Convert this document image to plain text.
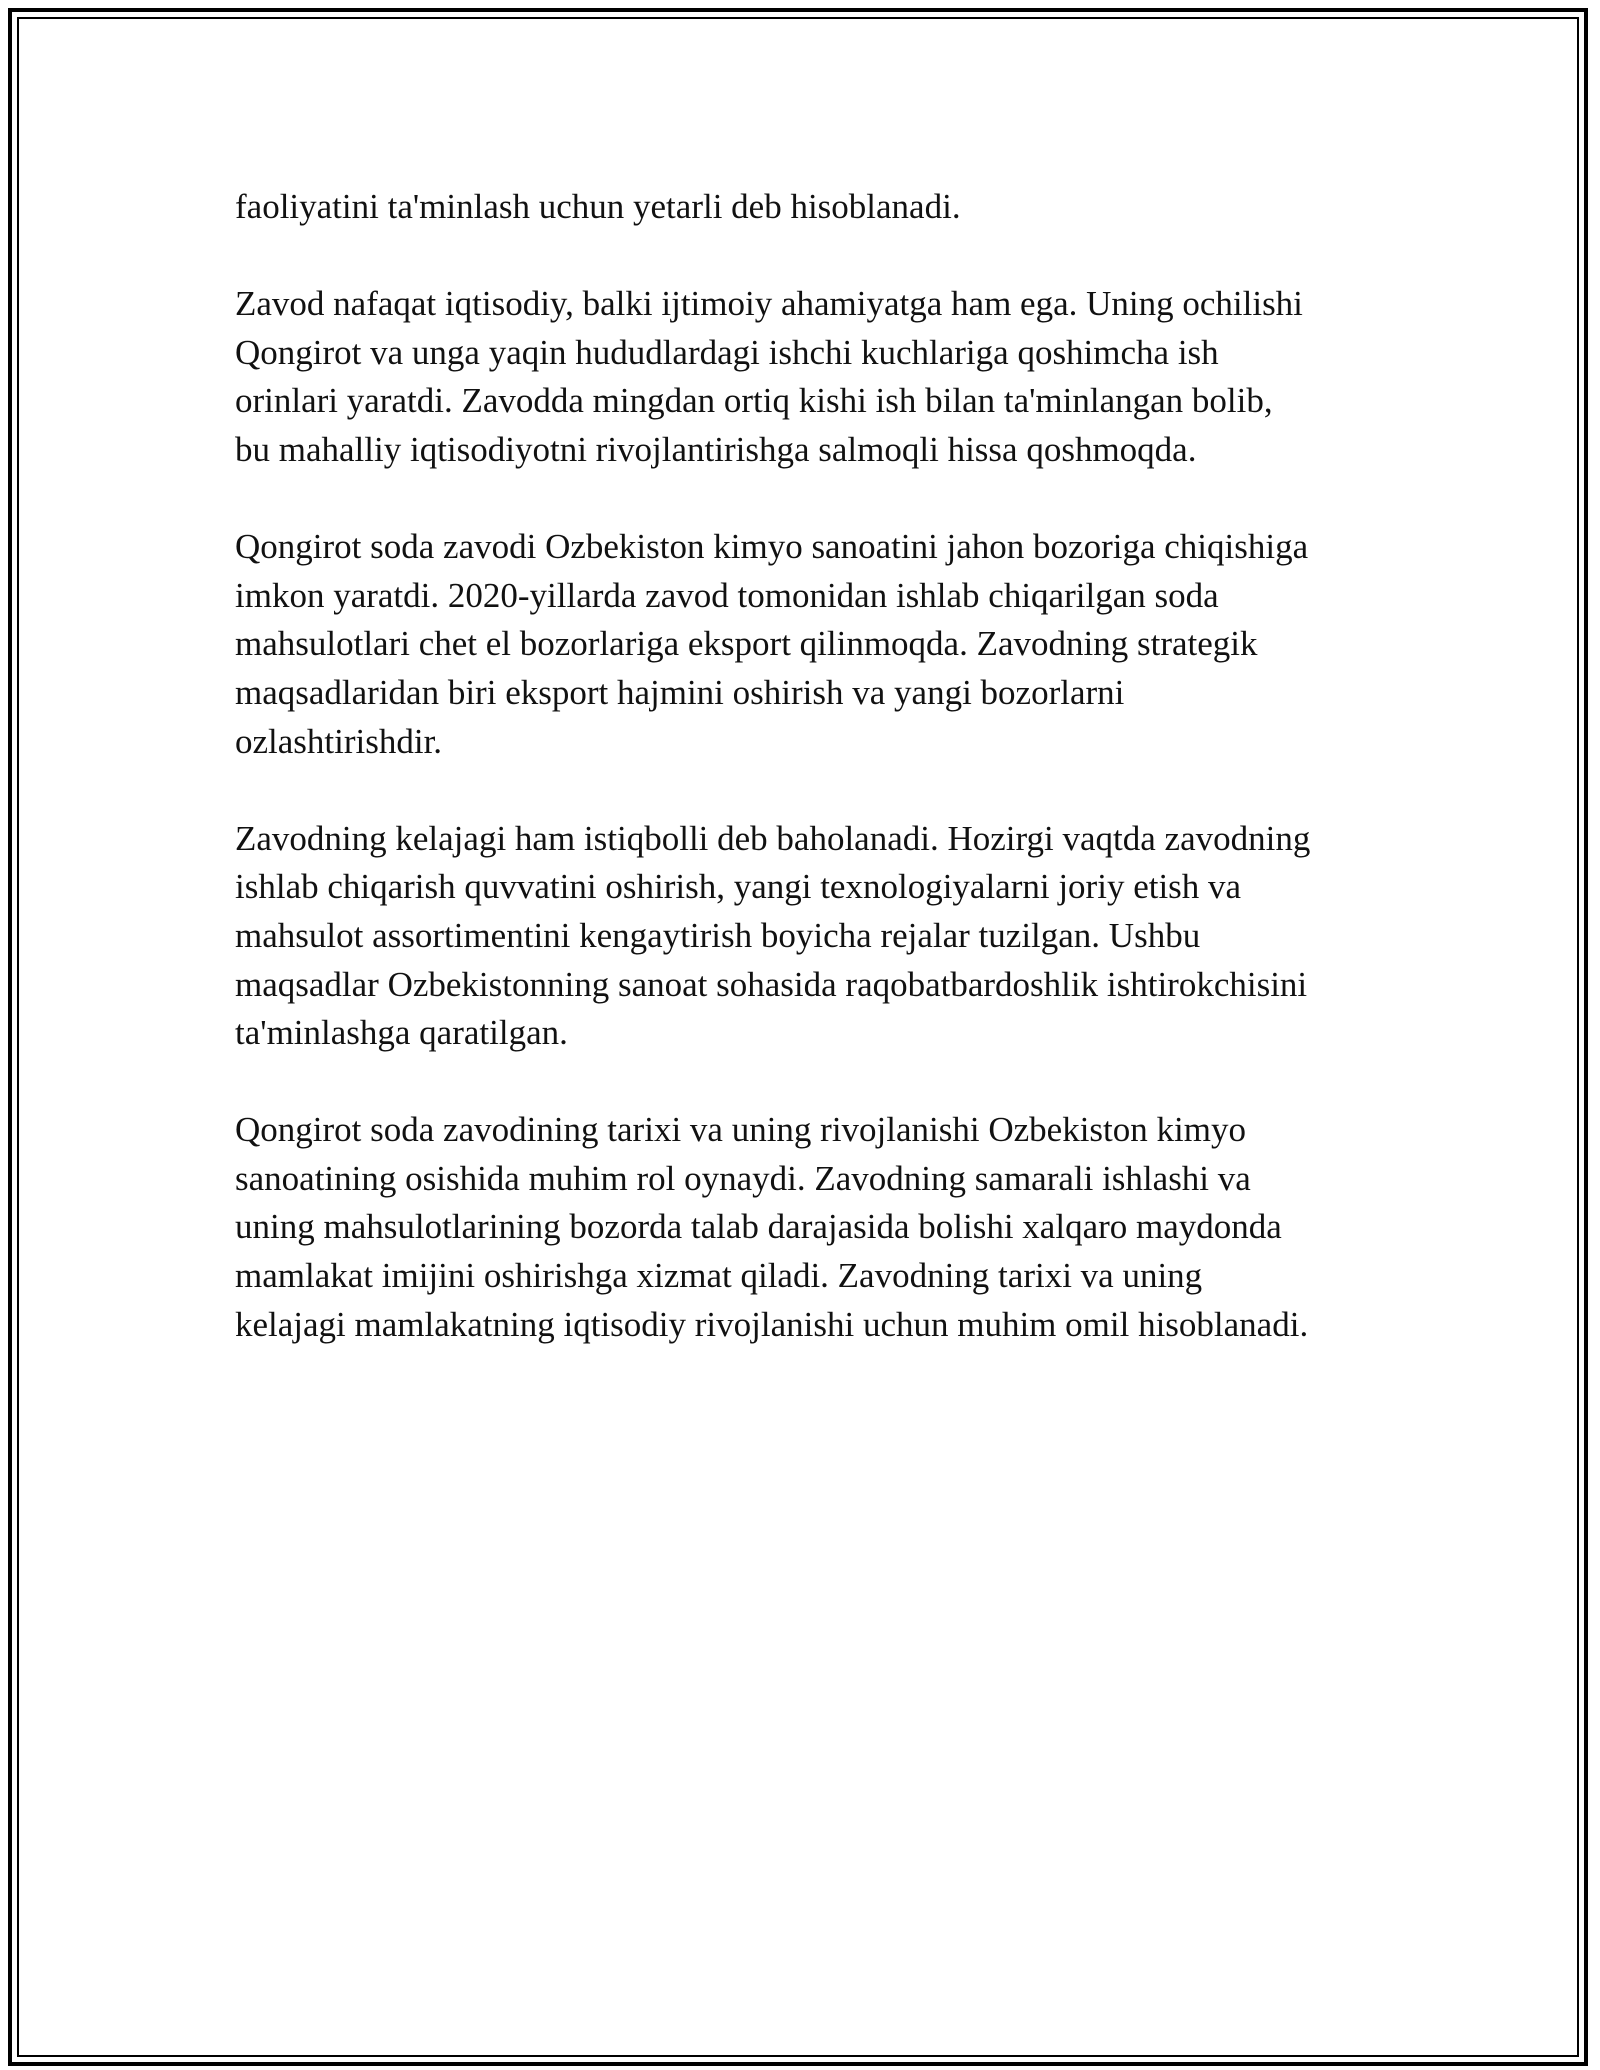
faoliyatini ta'minlash uchun yetarli deb hisoblanadi.

Zavod nafaqat iqtisodiy, balki ijtimoiy ahamiyatga ham ega. Uning ochilishi
Qongirot va unga yaqin hududlardagi ishchi kuchlariga qoshimcha ish
orinlari yaratdi. Zavodda mingdan ortiq kishi ish bilan ta'minlangan bolib,
bu mahalliy iqtisodiyotni rivojlantirishga salmoqli hissa qoshmoqda.

Qongirot soda zavodi Ozbekiston kimyo sanoatini jahon bozoriga chiqishiga
imkon yaratdi. 2020-yillarda zavod tomonidan ishlab chiqarilgan soda
mahsulotlari chet el bozorlariga eksport qilinmoqda. Zavodning strategik
maqsadlaridan biri eksport hajmini oshirish va yangi bozorlarni
ozlashtirishdir.

Zavodning kelajagi ham istiqbolli deb baholanadi. Hozirgi vaqtda zavodning
ishlab chiqarish quvvatini oshirish, yangi texnologiyalarni joriy etish va
mahsulot assortimentini kengaytirish boyicha rejalar tuzilgan. Ushbu
maqsadlar Ozbekistonning sanoat sohasida raqobatbardoshlik ishtirokchisini
ta'minlashga qaratilgan.

Qongirot soda zavodining tarixi va uning rivojlanishi Ozbekiston kimyo
sanoatining osishida muhim rol oynaydi. Zavodning samarali ishlashi va
uning mahsulotlarining bozorda talab darajasida bolishi xalqaro maydonda
mamlakat imijini oshirishga xizmat qiladi. Zavodning tarixi va uning
kelajagi mamlakatning iqtisodiy rivojlanishi uchun muhim omil hisoblanadi.
